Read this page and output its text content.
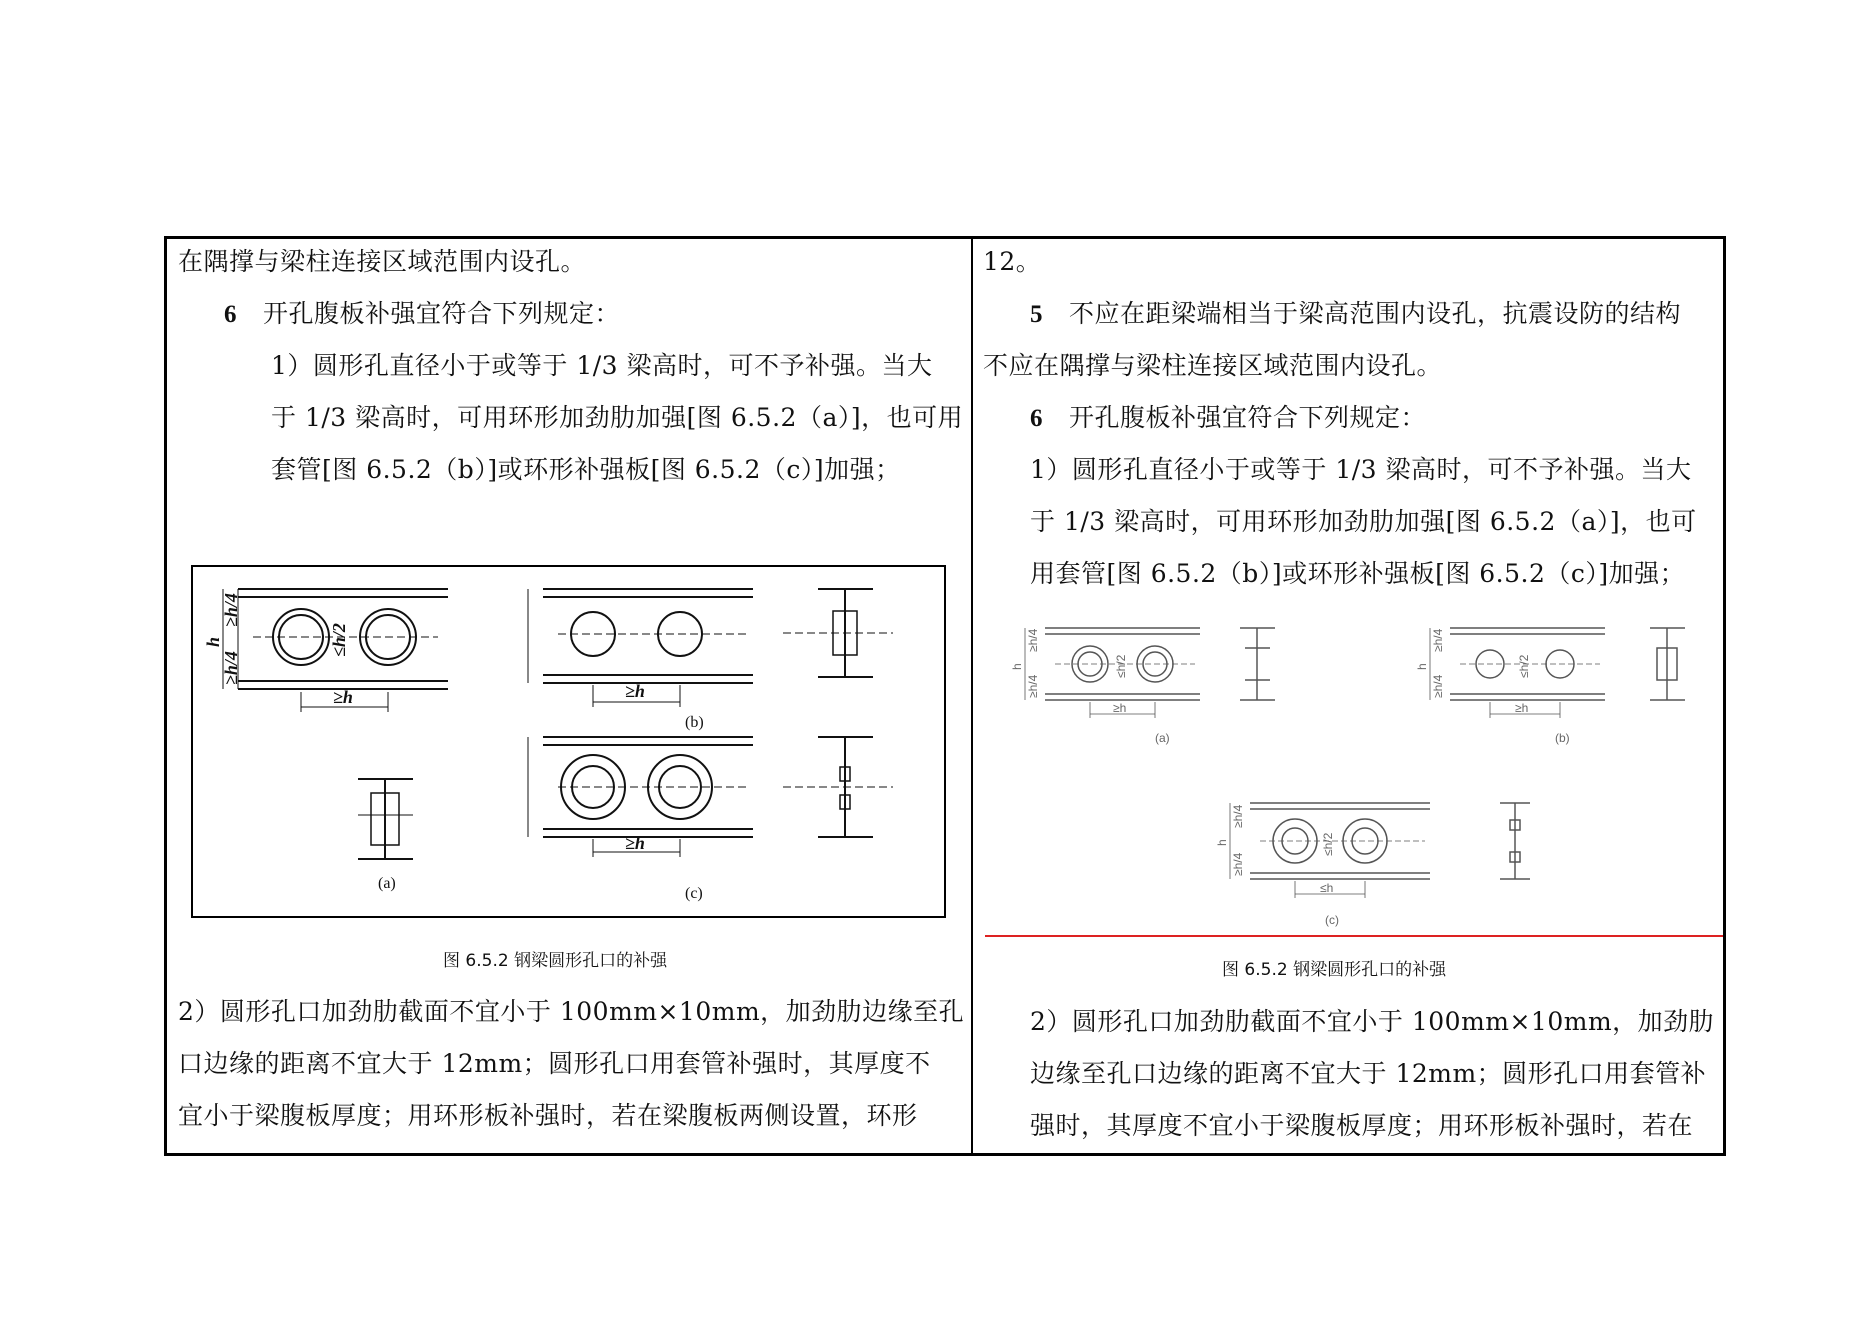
在隅撑与梁柱连接区域范围内设孔。
6 开孔腹板补强宜符合下列规定：
1）圆形孔直径小于或等于 1/3 梁高时，可不予补强。当大
于 1/3 梁高时，可用环形加劲肋加强[图 6.5.2（a）]，也可用
套管[图 6.5.2（b）]或环形补强板[图 6.5.2（c）]加强；
h
≥h/4
≥h/4
≤h/2
≥h	≥h
≥h
(a)
(b)
(c)
图 6.5.2 钢梁圆形孔口的补强
2）圆形孔口加劲肋截面不宜小于 100mm×10mm，加劲肋边缘至孔
口边缘的距离不宜大于 12mm；圆形孔口用套管补强时，其厚度不
宜小于梁腹板厚度；用环形板补强时，若在梁腹板两侧设置，环形
12。
5 不应在距梁端相当于梁高范围内设孔，抗震设防的结构
不应在隅撑与梁柱连接区域范围内设孔。
6 开孔腹板补强宜符合下列规定：
1）圆形孔直径小于或等于 1/3 梁高时，可不予补强。当大
于 1/3 梁高时，可用环形加劲肋加强[图 6.5.2（a）]，也可
用套管[图 6.5.2（b）]或环形补强板[图 6.5.2（c）]加强；
h
≥h/4
≥h/4
≤h/2
≥h
h
≥h/4
≥h/4
≤h/2
≥h
h
≥h/4
≥h/4
≤h/2
≤h
(a)	(b)
(c)
图 6.5.2 钢梁圆形孔口的补强
2）圆形孔口加劲肋截面不宜小于 100mm×10mm，加劲肋
边缘至孔口边缘的距离不宜大于 12mm；圆形孔口用套管补
强时，其厚度不宜小于梁腹板厚度；用环形板补强时，若在
